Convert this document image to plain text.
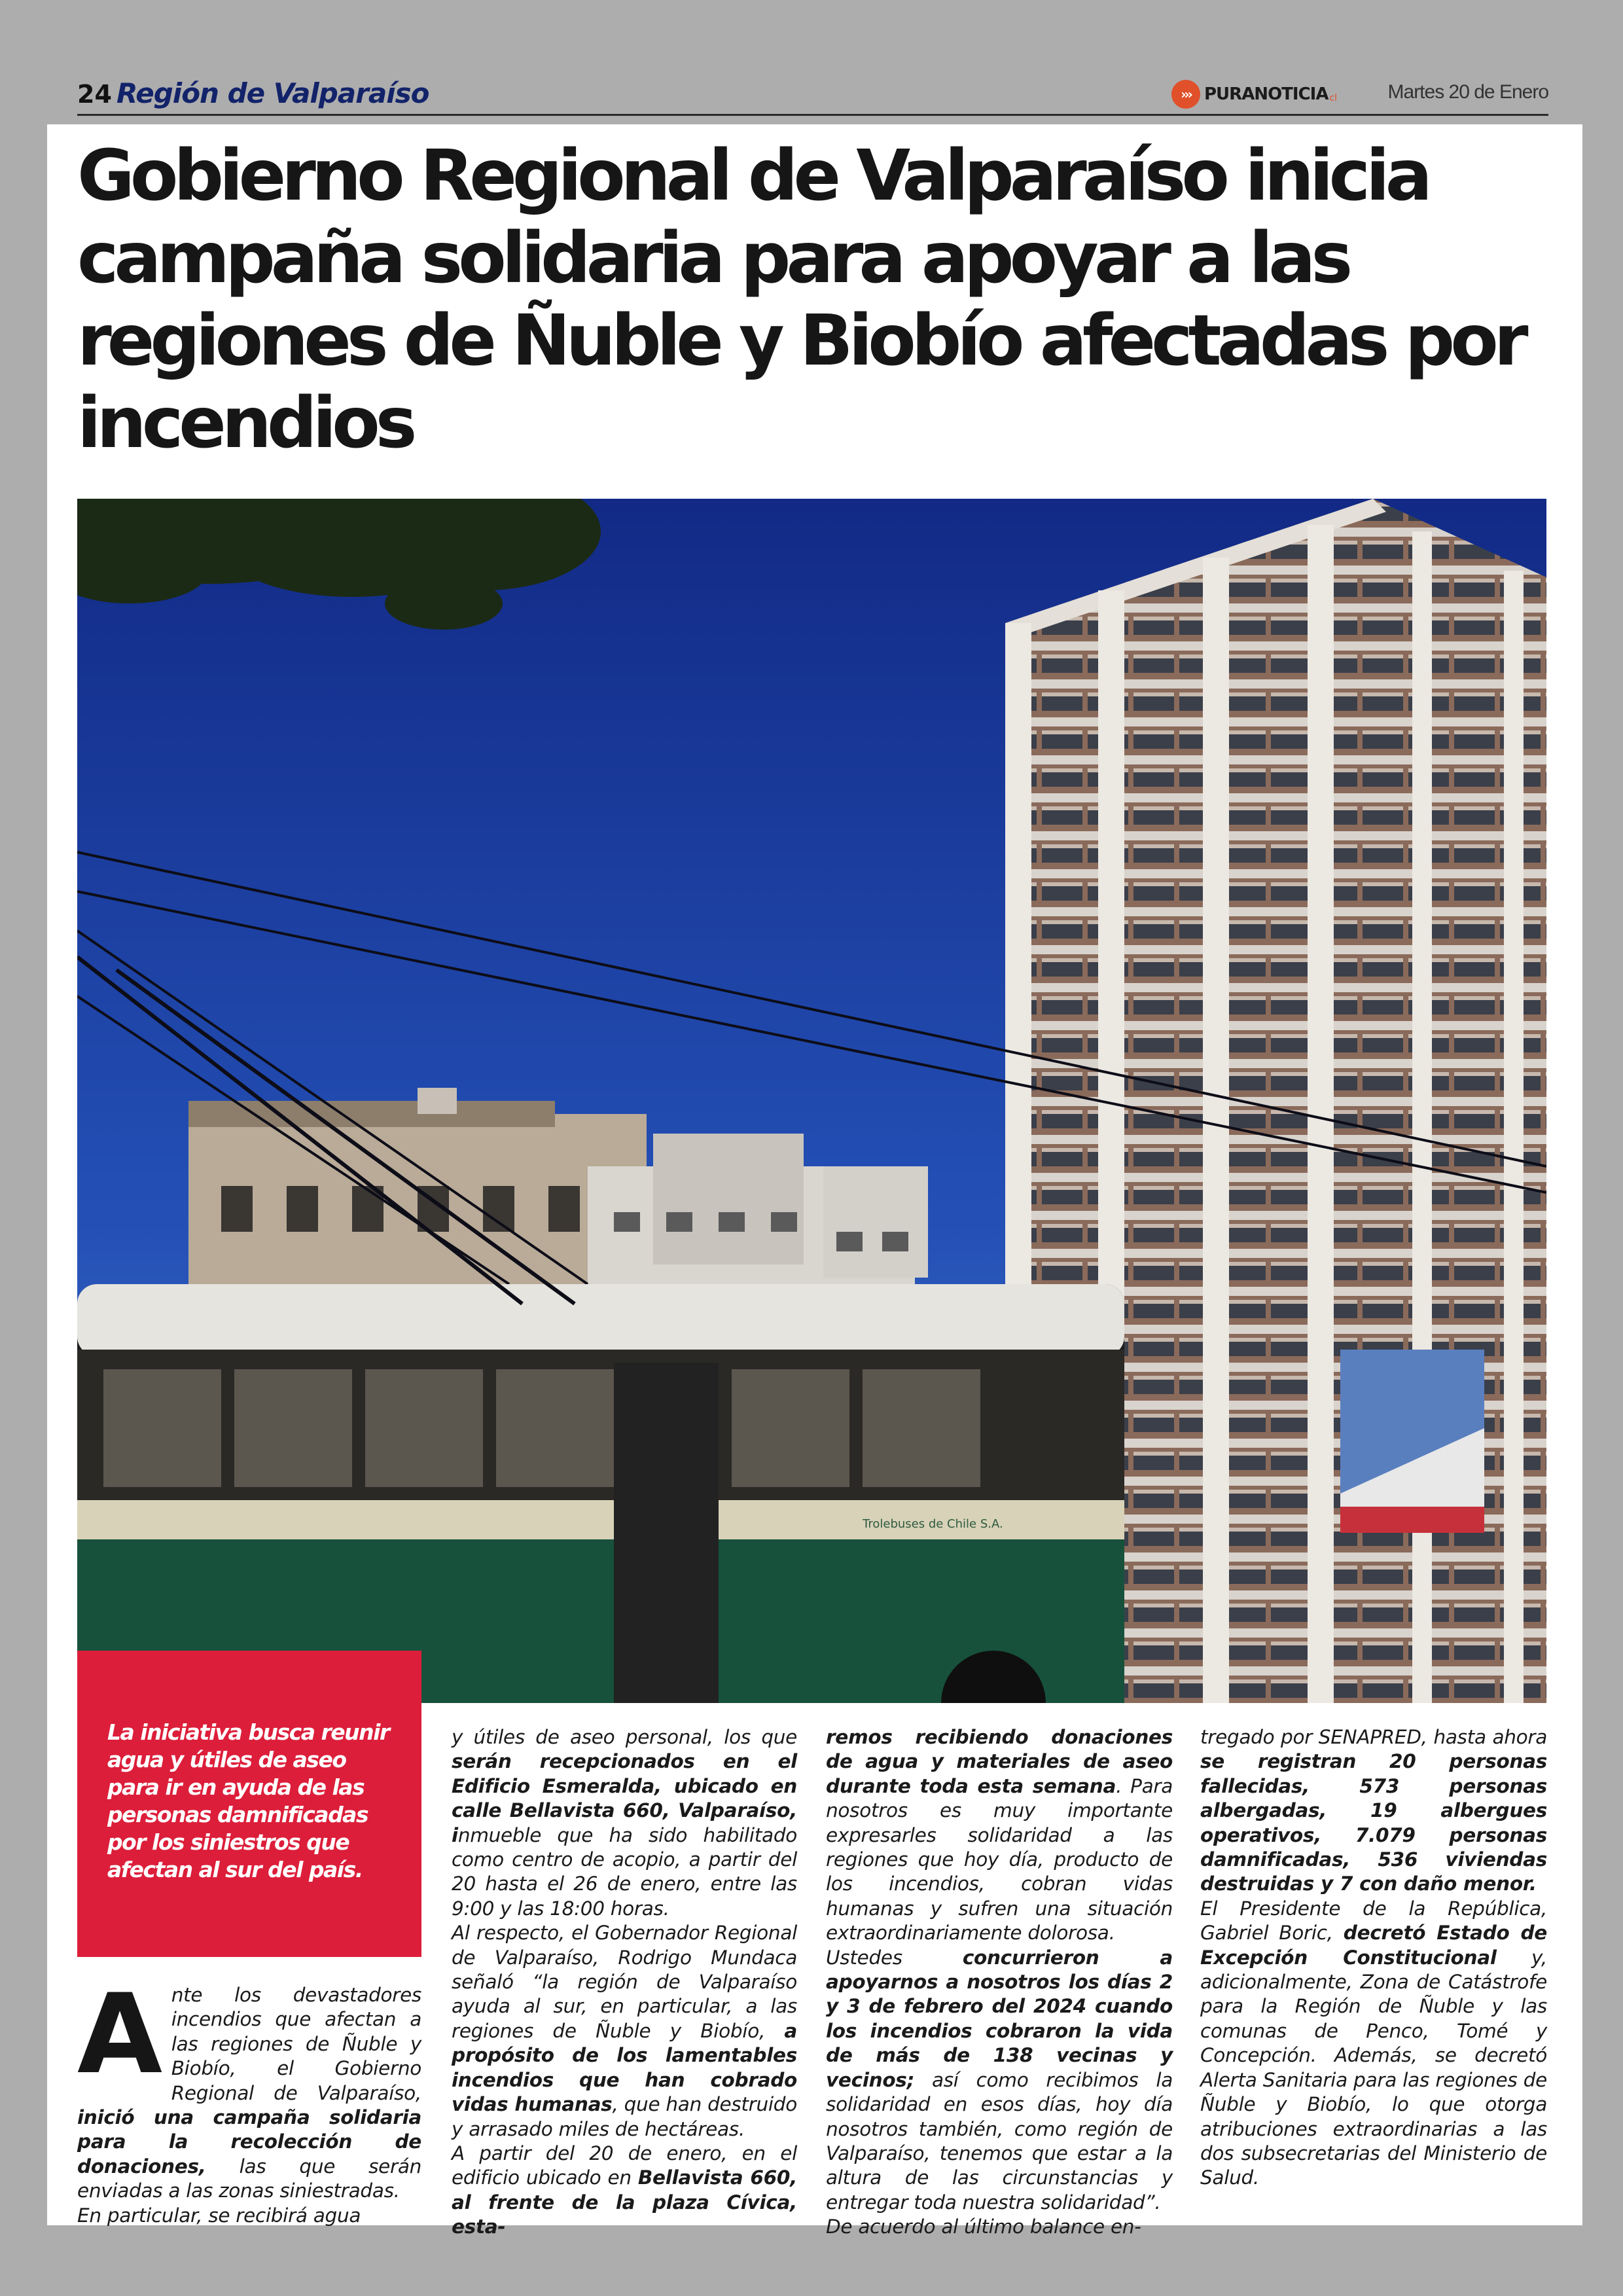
24 Región de Valparaíso	››› PURANOTICIA cl	Martes 20 de Enero
Gobierno Regional de Valparaíso inicia campaña solidaria para apoyar a las regiones de Ñuble y Biobío afectadas por incendios
Trolebuses de Chile S.A.
La iniciativa busca reunir agua y útiles de aseo para ir en ayuda de las personas damnificadas por los siniestros que afectan al sur del país.

Ante los devastadores incendios que afectan a las regiones de Ñuble y Biobío, el Gobierno Regional de Valparaíso, inició una campaña solidaria para la recolección de donaciones, las que serán enviadas a las zonas siniestradas.

En particular, se recibirá agua

y útiles de aseo personal, los que serán recepcionados en el Edificio Esmeralda, ubicado en calle Bellavista 660, Valparaíso, inmueble que ha sido habilitado como centro de acopio, a partir del 20 hasta el 26 de enero, entre las 9:00 y las 18:00 horas.

Al respecto, el Gobernador Regional de Valparaíso, Rodrigo Mundaca señaló “la región de Valparaíso ayuda al sur, en particular, a las regiones de Ñuble y Biobío, a propósito de los lamentables incendios que han cobrado vidas humanas, que han destruido y arrasado miles de hectáreas.

A partir del 20 de enero, en el edificio ubicado en Bellavista 660, al frente de la plaza Cívica, esta-

remos recibiendo donaciones de agua y materiales de aseo durante toda esta semana. Para nosotros es muy importante expresarles solidaridad a las regiones que hoy día, producto de los incendios, cobran vidas humanas y sufren una situación extraordinariamente dolorosa.

Ustedes concurrieron a apoyarnos a nosotros los días 2 y 3 de febrero del 2024 cuando los incendios cobraron la vida de más de 138 vecinas y vecinos; así como recibimos la solidaridad en esos días, hoy día nosotros también, como región de Valparaíso, tenemos que estar a la altura de las circunstancias y entregar toda nuestra solidaridad”.

De acuerdo al último balance en-

tregado por SENAPRED, hasta ahora se registran 20 personas fallecidas, 573 personas albergadas, 19 albergues operativos, 7.079 personas damnificadas, 536 viviendas destruidas y 7 con daño menor.

El Presidente de la República, Gabriel Boric, decretó Estado de Excepción Constitucional y, adicionalmente, Zona de Catástrofe para la Región de Ñuble y las comunas de Penco, Tomé y Concepción. Además, se decretó Alerta Sanitaria para las regiones de Ñuble y Biobío, lo que otorga atribuciones extraordinarias a las dos subsecretarias del Ministerio de Salud.
